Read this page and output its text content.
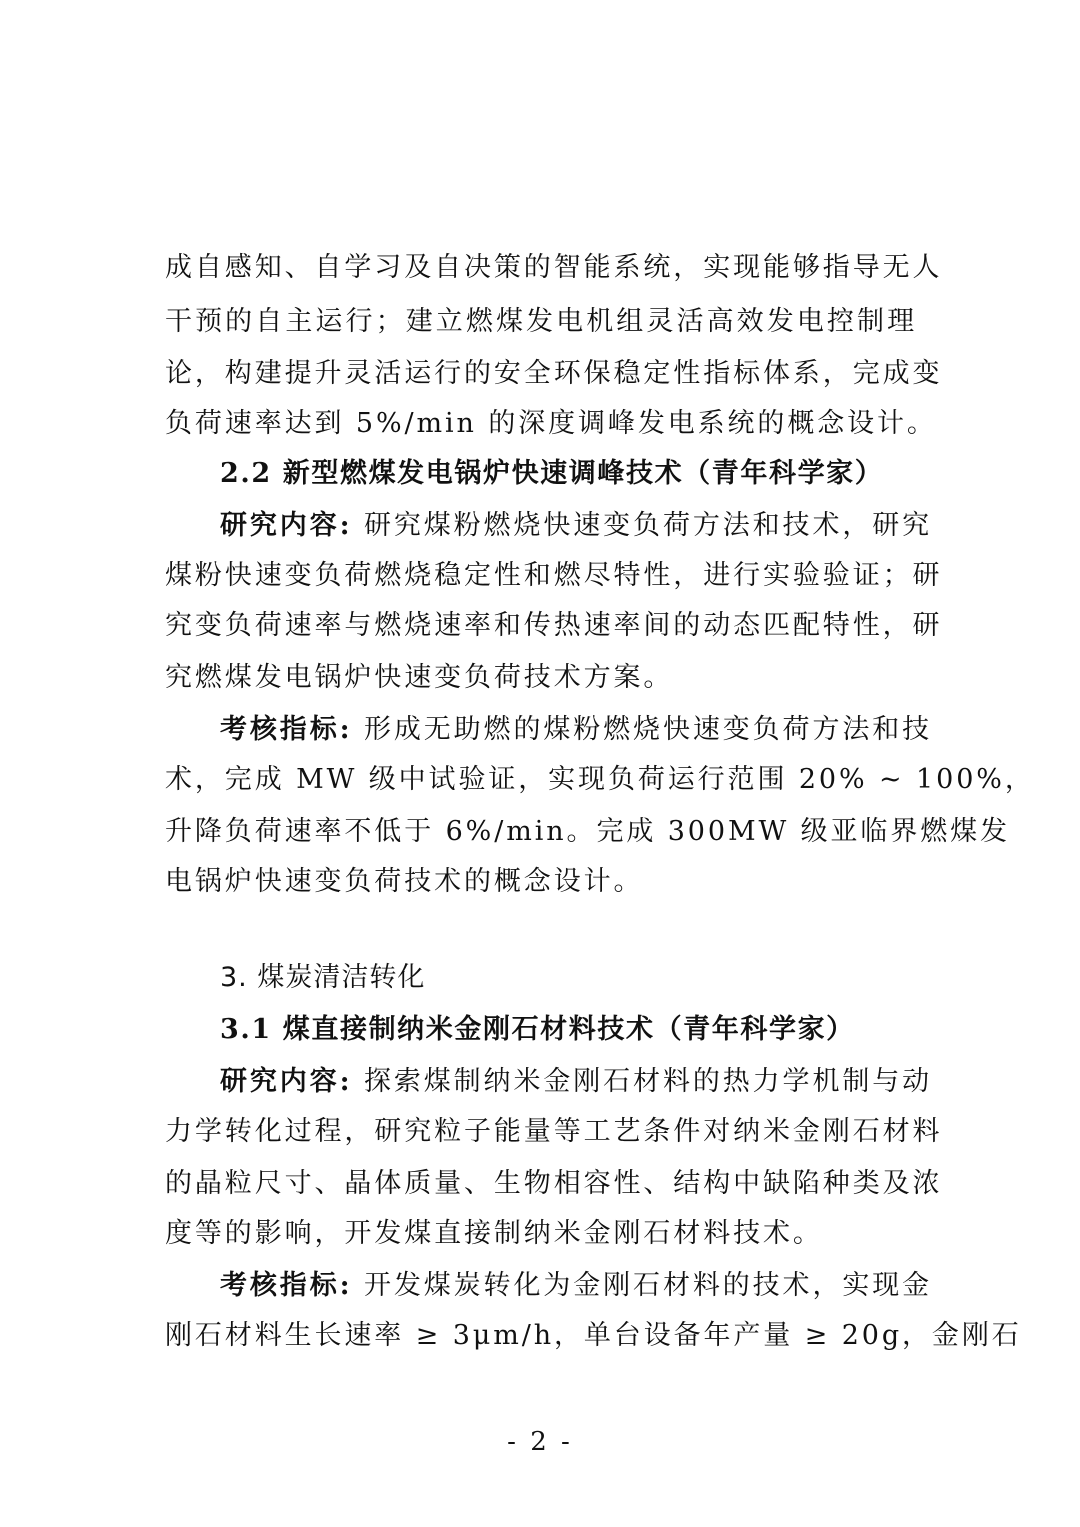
成自感知、自学习及自决策的智能系统，实现能够指导无人
干预的自主运行；建立燃煤发电机组灵活高效发电控制理
论，构建提升灵活运行的安全环保稳定性指标体系，完成变
负荷速率达到 5%/min 的深度调峰发电系统的概念设计。
2.2 新型燃煤发电锅炉快速调峰技术（青年科学家）
研究内容: 研究煤粉燃烧快速变负荷方法和技术，研究
煤粉快速变负荷燃烧稳定性和燃尽特性，进行实验验证；研
究变负荷速率与燃烧速率和传热速率间的动态匹配特性，研
究燃煤发电锅炉快速变负荷技术方案。
考核指标: 形成无助燃的煤粉燃烧快速变负荷方法和技
术，完成 MW 级中试验证，实现负荷运行范围 20% ~ 100%，
升降负荷速率不低于 6%/min。完成 300MW 级亚临界燃煤发
电锅炉快速变负荷技术的概念设计。
3. 煤炭清洁转化
3.1 煤直接制纳米金刚石材料技术（青年科学家）
研究内容: 探索煤制纳米金刚石材料的热力学机制与动
力学转化过程，研究粒子能量等工艺条件对纳米金刚石材料
的晶粒尺寸、晶体质量、生物相容性、结构中缺陷种类及浓
度等的影响，开发煤直接制纳米金刚石材料技术。
考核指标: 开发煤炭转化为金刚石材料的技术，实现金
刚石材料生长速率 ≥ 3μm/h，单台设备年产量 ≥ 20g，金刚石
- 2 -
